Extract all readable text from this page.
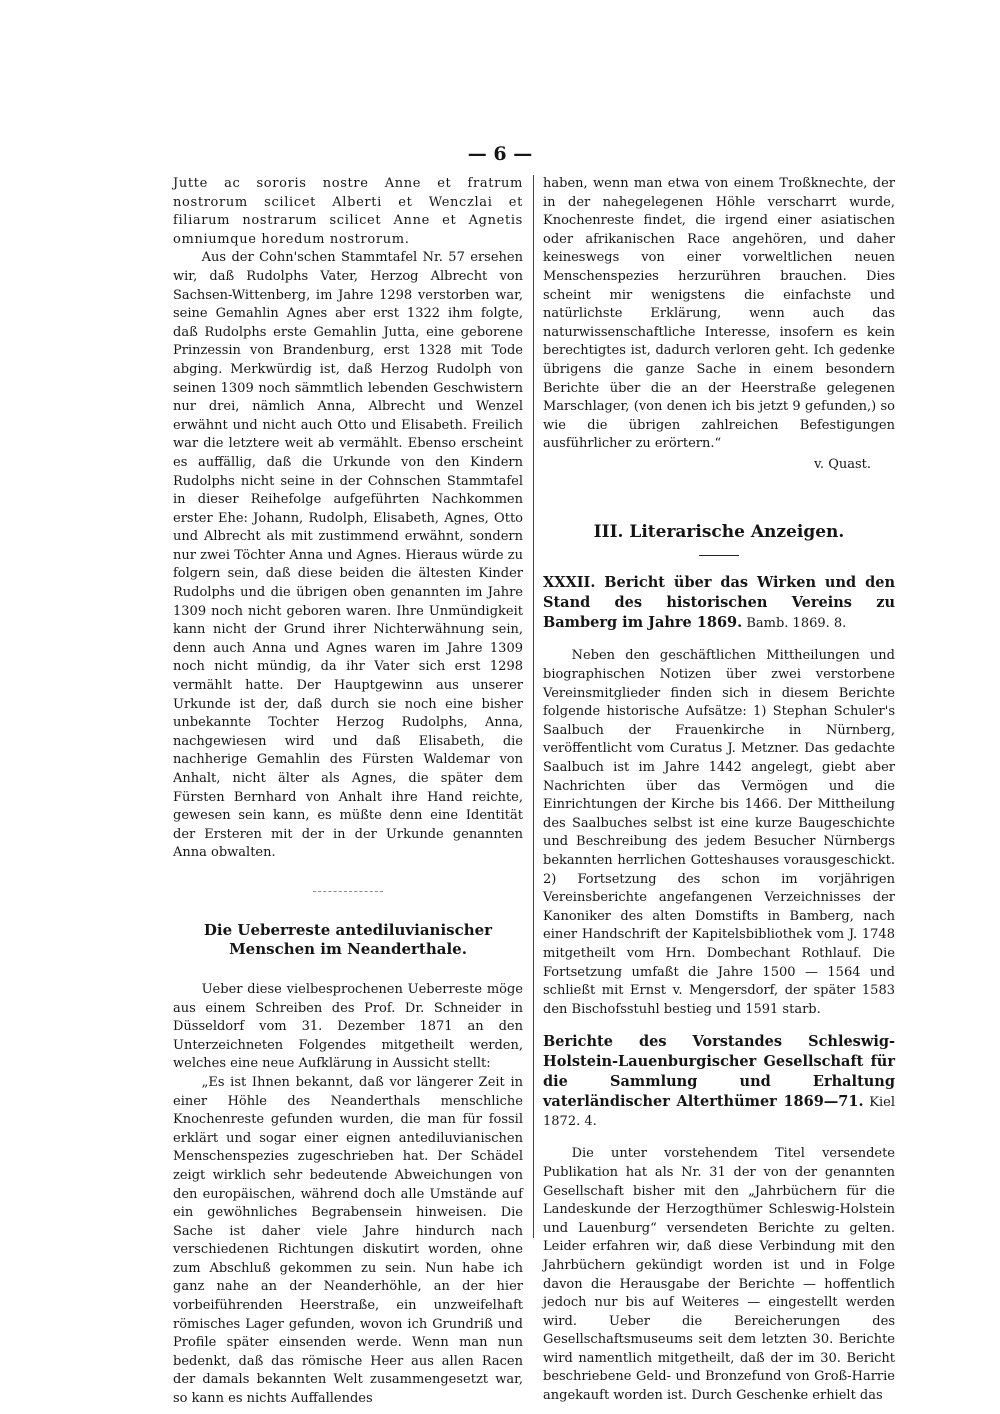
— 6 —

Jutte ac sororis nostre Anne et fratrum nostrorum scilicet Alberti et Wenczlai et filiarum nostrarum scilicet Anne et Agnetis omniumque horedum nostrorum.

Aus der Cohn'schen Stammtafel Nr. 57 ersehen wir, daß Rudolphs Vater, Herzog Albrecht von Sachsen-Wittenberg, im Jahre 1298 verstorben war, seine Gemahlin Agnes aber erst 1322 ihm folgte, daß Rudolphs erste Gemahlin Jutta, eine geborene Prinzessin von Brandenburg, erst 1328 mit Tode abging. Merkwürdig ist, daß Herzog Rudolph von seinen 1309 noch sämmtlich lebenden Geschwistern nur drei, nämlich Anna, Albrecht und Wenzel erwähnt und nicht auch Otto und Elisabeth. Freilich war die letztere weit ab vermählt. Ebenso erscheint es auffällig, daß die Urkunde von den Kindern Rudolphs nicht seine in der Cohnschen Stammtafel in dieser Reihefolge aufgeführten Nachkommen erster Ehe: Johann, Rudolph, Elisabeth, Agnes, Otto und Albrecht als mit zustimmend erwähnt, sondern nur zwei Töchter Anna und Agnes. Hieraus würde zu folgern sein, daß diese beiden die ältesten Kinder Rudolphs und die übrigen oben genannten im Jahre 1309 noch nicht geboren waren. Ihre Unmündigkeit kann nicht der Grund ihrer Nichterwähnung sein, denn auch Anna und Agnes waren im Jahre 1309 noch nicht mündig, da ihr Vater sich erst 1298 vermählt hatte. Der Hauptgewinn aus unserer Urkunde ist der, daß durch sie noch eine bisher unbekannte Tochter Herzog Rudolphs, Anna, nachgewiesen wird und daß Elisabeth, die nachherige Gemahlin des Fürsten Waldemar von Anhalt, nicht älter als Agnes, die später dem Fürsten Bernhard von Anhalt ihre Hand reichte, gewesen sein kann, es müßte denn eine Identität der Ersteren mit der in der Urkunde genannten Anna obwalten.

Die Ueberreste antediluvianischer Menschen im Neanderthale.

Ueber diese vielbesprochenen Ueberreste möge aus einem Schreiben des Prof. Dr. Schneider in Düsseldorf vom 31. Dezember 1871 an den Unterzeichneten Folgendes mitgetheilt werden, welches eine neue Aufklärung in Aussicht stellt:

„Es ist Ihnen bekannt, daß vor längerer Zeit in einer Höhle des Neanderthals menschliche Knochenreste gefunden wurden, die man für fossil erklärt und sogar einer eignen antediluvianischen Menschenspezies zugeschrieben hat. Der Schädel zeigt wirklich sehr bedeutende Abweichungen von den europäischen, während doch alle Umstände auf ein gewöhnliches Begrabensein hinweisen. Die Sache ist daher viele Jahre hindurch nach verschiedenen Richtungen diskutirt worden, ohne zum Abschluß gekommen zu sein. Nun habe ich ganz nahe an der Neanderhöhle, an der hier vorbeiführenden Heerstraße, ein unzweifelhaft römisches Lager gefunden, wovon ich Grundriß und Profile später einsenden werde. Wenn man nun bedenkt, daß das römische Heer aus allen Racen der damals bekannten Welt zusammengesetzt war, so kann es nichts Auffallendes

haben, wenn man etwa von einem Troßknechte, der in der nahegelegenen Höhle verscharrt wurde, Knochenreste findet, die irgend einer asiatischen oder afrikanischen Race angehören, und daher keineswegs von einer vorweltlichen neuen Menschenspezies herzurühren brauchen. Dies scheint mir wenigstens die einfachste und natürlichste Erklärung, wenn auch das naturwissenschaftliche Interesse, insofern es kein berechtigtes ist, dadurch verloren geht. Ich gedenke übrigens die ganze Sache in einem besondern Berichte über die an der Heerstraße gelegenen Marschlager, (von denen ich bis jetzt 9 gefunden,) so wie die übrigen zahlreichen Befestigungen ausführlicher zu erörtern.“

v. Quast.

III. Literarische Anzeigen.

XXXII. Bericht über das Wirken und den Stand des historischen Vereins zu Bamberg im Jahre 1869. Bamb. 1869. 8.

Neben den geschäftlichen Mittheilungen und biographischen Notizen über zwei verstorbene Vereinsmitglieder finden sich in diesem Berichte folgende historische Aufsätze: 1) Stephan Schuler's Saalbuch der Frauenkirche in Nürnberg, veröffentlicht vom Curatus J. Metzner. Das gedachte Saalbuch ist im Jahre 1442 angelegt, giebt aber Nachrichten über das Vermögen und die Einrichtungen der Kirche bis 1466. Der Mittheilung des Saalbuches selbst ist eine kurze Baugeschichte und Beschreibung des jedem Besucher Nürnbergs bekannten herrlichen Gotteshauses vorausgeschickt. 2) Fortsetzung des schon im vorjährigen Vereinsberichte angefangenen Verzeichnisses der Kanoniker des alten Domstifts in Bamberg, nach einer Handschrift der Kapitelsbibliothek vom J. 1748 mitgetheilt vom Hrn. Dombechant Rothlauf. Die Fortsetzung umfaßt die Jahre 1500 — 1564 und schließt mit Ernst v. Mengersdorf, der später 1583 den Bischofsstuhl bestieg und 1591 starb.

Berichte des Vorstandes Schleswig-Holstein-Lauenburgischer Gesellschaft für die Sammlung und Erhaltung vaterländischer Alterthümer 1869—71. Kiel 1872. 4.

Die unter vorstehendem Titel versendete Publikation hat als Nr. 31 der von der genannten Gesellschaft bisher mit den „Jahrbüchern für die Landeskunde der Herzogthümer Schleswig-Holstein und Lauenburg“ versendeten Berichte zu gelten. Leider erfahren wir, daß diese Verbindung mit den Jahrbüchern gekündigt worden ist und in Folge davon die Herausgabe der Berichte — hoffentlich jedoch nur bis auf Weiteres — eingestellt werden wird. Ueber die Bereicherungen des Gesellschaftsmuseums seit dem letzten 30. Berichte wird namentlich mitgetheilt, daß der im 30. Bericht beschriebene Geld- und Bronzefund von Groß-Harrie angekauft worden ist. Durch Geschenke erhielt das
